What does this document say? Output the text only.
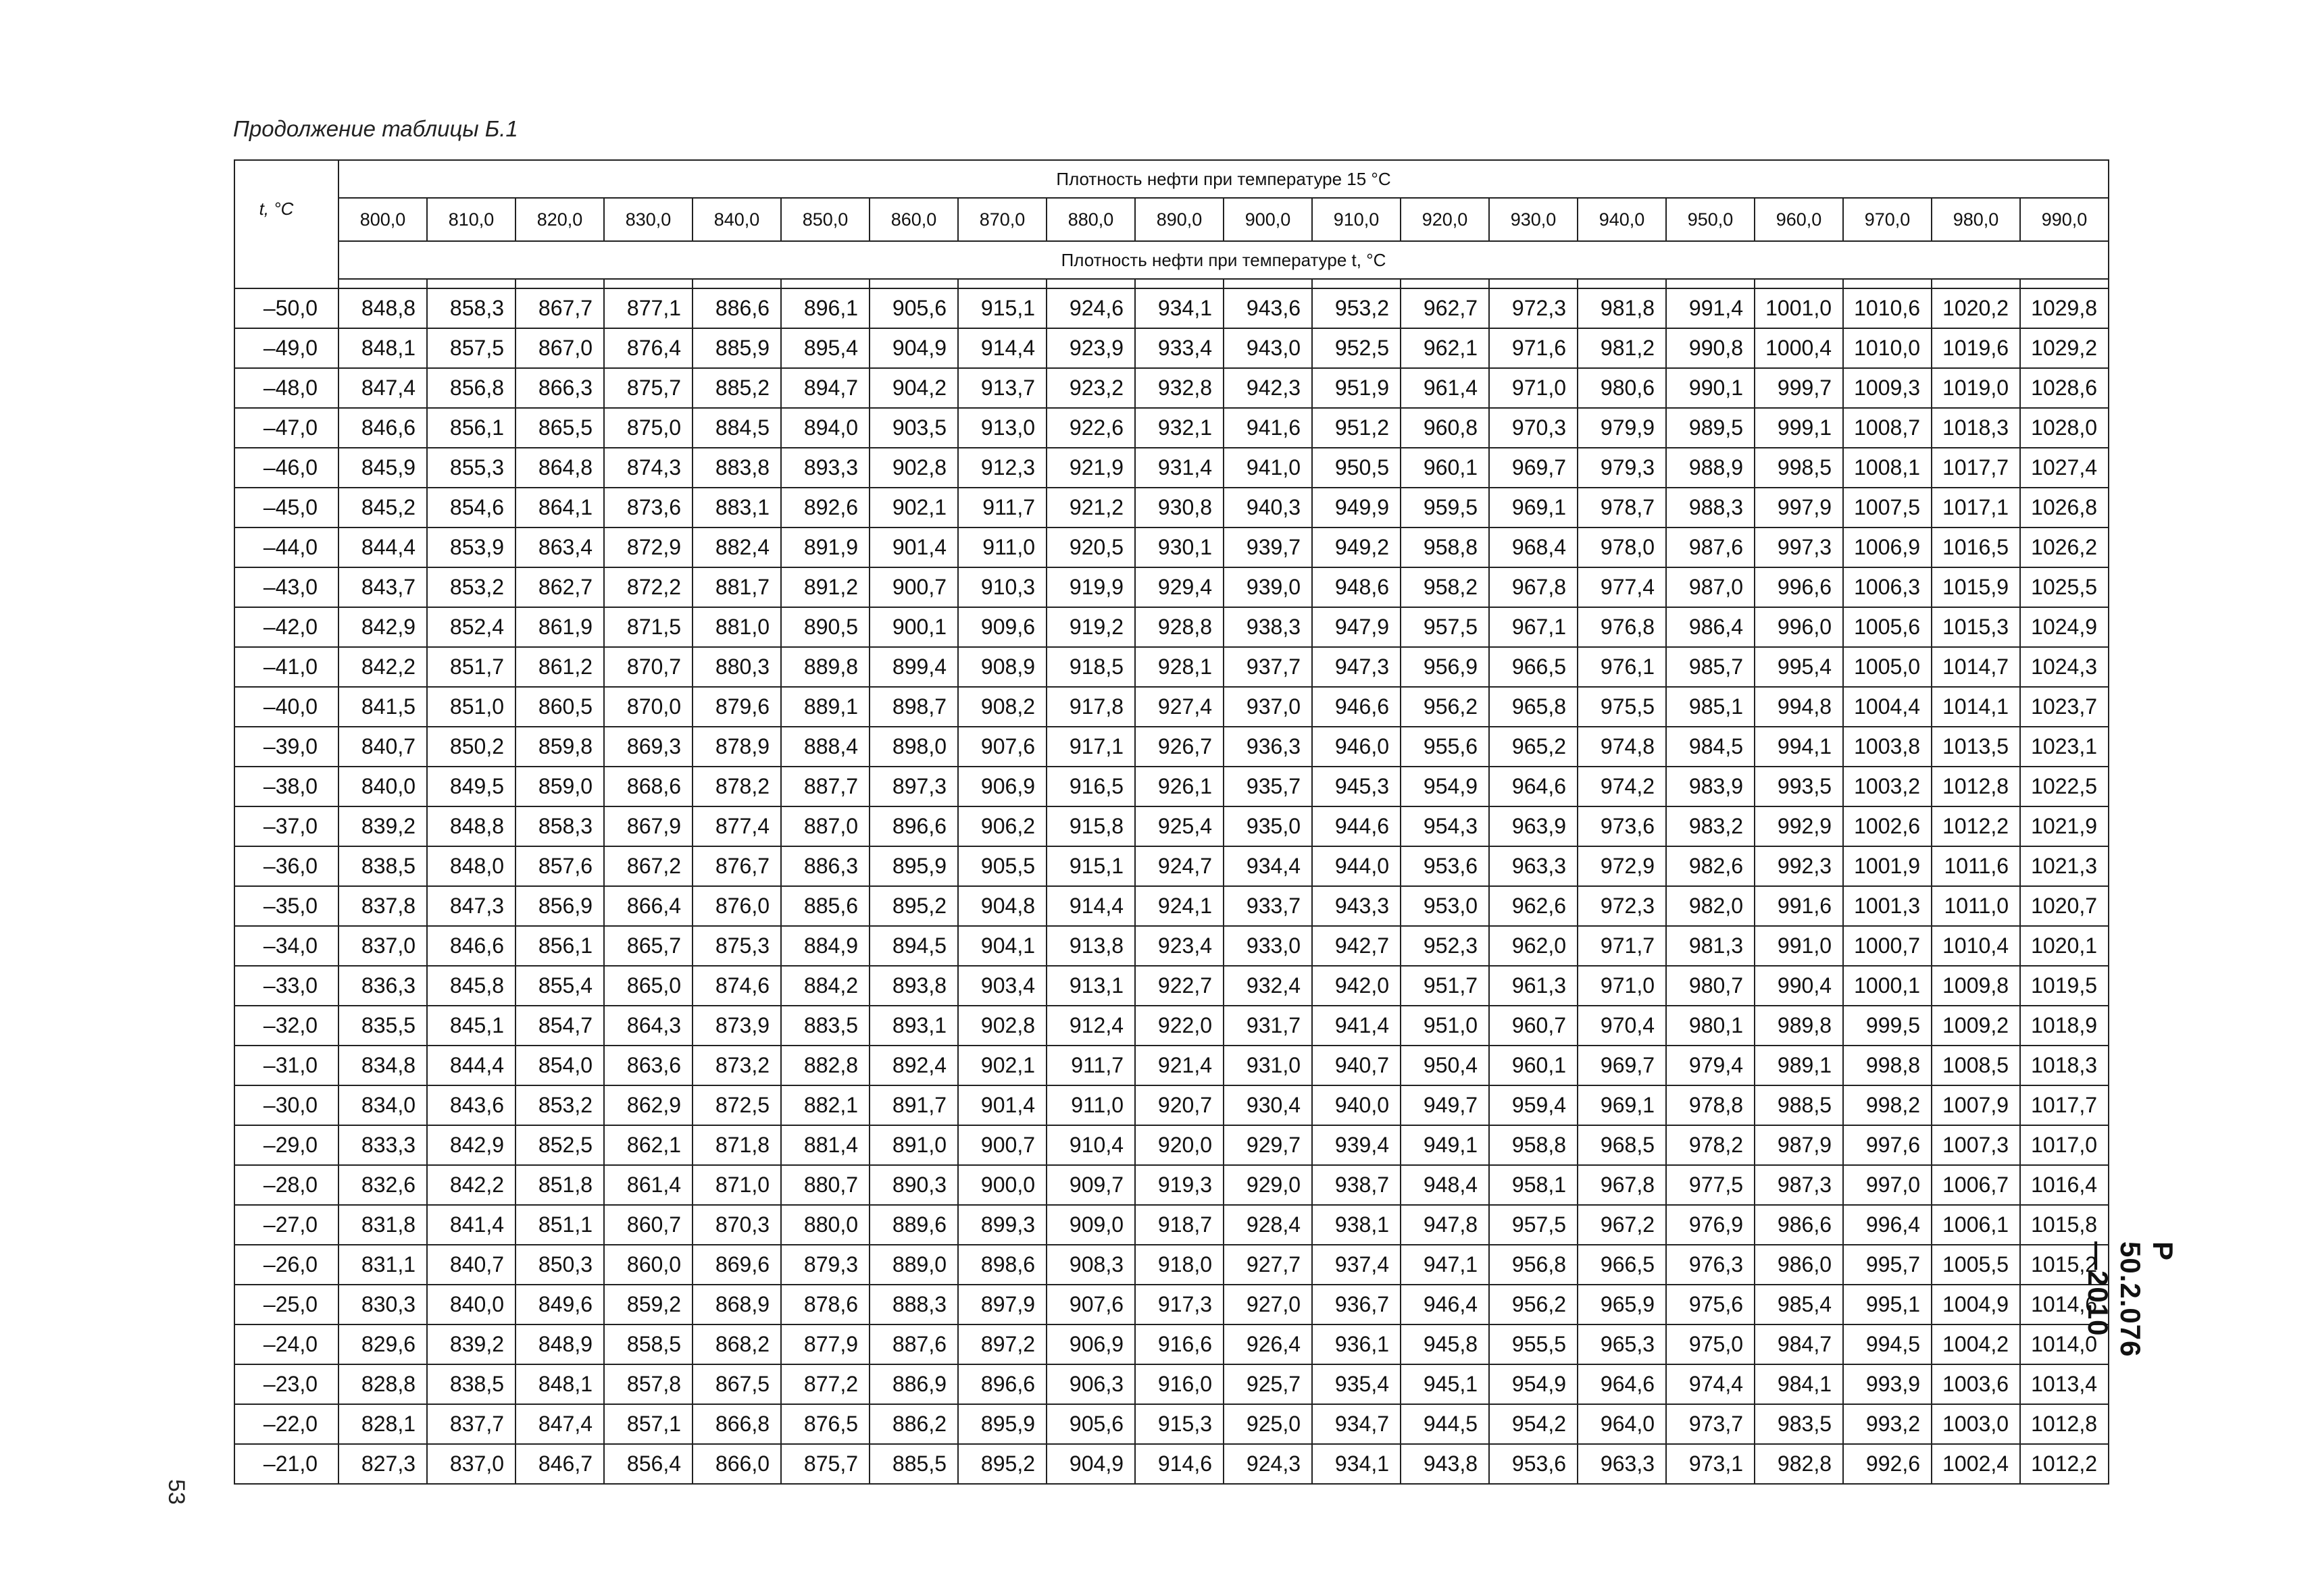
Продолжение таблицы Б.1
t, °C	Плотность нефти при температуре 15 °C																			
	800,0	810,0	820,0	830,0	840,0	850,0	860,0	870,0	880,0	890,0	900,0	910,0	920,0	930,0	940,0	950,0	960,0	970,0	980,0	990,0
	Плотность нефти при температуре t, °C																			

–50,0	848,8	858,3	867,7	877,1	886,6	896,1	905,6	915,1	924,6	934,1	943,6	953,2	962,7	972,3	981,8	991,4	1001,0	1010,6	1020,2	1029,8
–49,0	848,1	857,5	867,0	876,4	885,9	895,4	904,9	914,4	923,9	933,4	943,0	952,5	962,1	971,6	981,2	990,8	1000,4	1010,0	1019,6	1029,2
–48,0	847,4	856,8	866,3	875,7	885,2	894,7	904,2	913,7	923,2	932,8	942,3	951,9	961,4	971,0	980,6	990,1	999,7	1009,3	1019,0	1028,6
–47,0	846,6	856,1	865,5	875,0	884,5	894,0	903,5	913,0	922,6	932,1	941,6	951,2	960,8	970,3	979,9	989,5	999,1	1008,7	1018,3	1028,0
–46,0	845,9	855,3	864,8	874,3	883,8	893,3	902,8	912,3	921,9	931,4	941,0	950,5	960,1	969,7	979,3	988,9	998,5	1008,1	1017,7	1027,4
–45,0	845,2	854,6	864,1	873,6	883,1	892,6	902,1	911,7	921,2	930,8	940,3	949,9	959,5	969,1	978,7	988,3	997,9	1007,5	1017,1	1026,8
–44,0	844,4	853,9	863,4	872,9	882,4	891,9	901,4	911,0	920,5	930,1	939,7	949,2	958,8	968,4	978,0	987,6	997,3	1006,9	1016,5	1026,2
–43,0	843,7	853,2	862,7	872,2	881,7	891,2	900,7	910,3	919,9	929,4	939,0	948,6	958,2	967,8	977,4	987,0	996,6	1006,3	1015,9	1025,5
–42,0	842,9	852,4	861,9	871,5	881,0	890,5	900,1	909,6	919,2	928,8	938,3	947,9	957,5	967,1	976,8	986,4	996,0	1005,6	1015,3	1024,9
–41,0	842,2	851,7	861,2	870,7	880,3	889,8	899,4	908,9	918,5	928,1	937,7	947,3	956,9	966,5	976,1	985,7	995,4	1005,0	1014,7	1024,3
–40,0	841,5	851,0	860,5	870,0	879,6	889,1	898,7	908,2	917,8	927,4	937,0	946,6	956,2	965,8	975,5	985,1	994,8	1004,4	1014,1	1023,7
–39,0	840,7	850,2	859,8	869,3	878,9	888,4	898,0	907,6	917,1	926,7	936,3	946,0	955,6	965,2	974,8	984,5	994,1	1003,8	1013,5	1023,1
–38,0	840,0	849,5	859,0	868,6	878,2	887,7	897,3	906,9	916,5	926,1	935,7	945,3	954,9	964,6	974,2	983,9	993,5	1003,2	1012,8	1022,5
–37,0	839,2	848,8	858,3	867,9	877,4	887,0	896,6	906,2	915,8	925,4	935,0	944,6	954,3	963,9	973,6	983,2	992,9	1002,6	1012,2	1021,9
–36,0	838,5	848,0	857,6	867,2	876,7	886,3	895,9	905,5	915,1	924,7	934,4	944,0	953,6	963,3	972,9	982,6	992,3	1001,9	1011,6	1021,3
–35,0	837,8	847,3	856,9	866,4	876,0	885,6	895,2	904,8	914,4	924,1	933,7	943,3	953,0	962,6	972,3	982,0	991,6	1001,3	1011,0	1020,7
–34,0	837,0	846,6	856,1	865,7	875,3	884,9	894,5	904,1	913,8	923,4	933,0	942,7	952,3	962,0	971,7	981,3	991,0	1000,7	1010,4	1020,1
–33,0	836,3	845,8	855,4	865,0	874,6	884,2	893,8	903,4	913,1	922,7	932,4	942,0	951,7	961,3	971,0	980,7	990,4	1000,1	1009,8	1019,5
–32,0	835,5	845,1	854,7	864,3	873,9	883,5	893,1	902,8	912,4	922,0	931,7	941,4	951,0	960,7	970,4	980,1	989,8	999,5	1009,2	1018,9
–31,0	834,8	844,4	854,0	863,6	873,2	882,8	892,4	902,1	911,7	921,4	931,0	940,7	950,4	960,1	969,7	979,4	989,1	998,8	1008,5	1018,3
–30,0	834,0	843,6	853,2	862,9	872,5	882,1	891,7	901,4	911,0	920,7	930,4	940,0	949,7	959,4	969,1	978,8	988,5	998,2	1007,9	1017,7
–29,0	833,3	842,9	852,5	862,1	871,8	881,4	891,0	900,7	910,4	920,0	929,7	939,4	949,1	958,8	968,5	978,2	987,9	997,6	1007,3	1017,0
–28,0	832,6	842,2	851,8	861,4	871,0	880,7	890,3	900,0	909,7	919,3	929,0	938,7	948,4	958,1	967,8	977,5	987,3	997,0	1006,7	1016,4
–27,0	831,8	841,4	851,1	860,7	870,3	880,0	889,6	899,3	909,0	918,7	928,4	938,1	947,8	957,5	967,2	976,9	986,6	996,4	1006,1	1015,8
–26,0	831,1	840,7	850,3	860,0	869,6	879,3	889,0	898,6	908,3	918,0	927,7	937,4	947,1	956,8	966,5	976,3	986,0	995,7	1005,5	1015,2
–25,0	830,3	840,0	849,6	859,2	868,9	878,6	888,3	897,9	907,6	917,3	927,0	936,7	946,4	956,2	965,9	975,6	985,4	995,1	1004,9	1014,6
–24,0	829,6	839,2	848,9	858,5	868,2	877,9	887,6	897,2	906,9	916,6	926,4	936,1	945,8	955,5	965,3	975,0	984,7	994,5	1004,2	1014,0
–23,0	828,8	838,5	848,1	857,8	867,5	877,2	886,9	896,6	906,3	916,0	925,7	935,4	945,1	954,9	964,6	974,4	984,1	993,9	1003,6	1013,4
–22,0	828,1	837,7	847,4	857,1	866,8	876,5	886,2	895,9	905,6	915,3	925,0	934,7	944,5	954,2	964,0	973,7	983,5	993,2	1003,0	1012,8
–21,0	827,3	837,0	846,7	856,4	866,0	875,7	885,5	895,2	904,9	914,6	924,3	934,1	943,8	953,6	963,3	973,1	982,8	992,6	1002,4	1012,2
53
Р 50.2.076—2010
